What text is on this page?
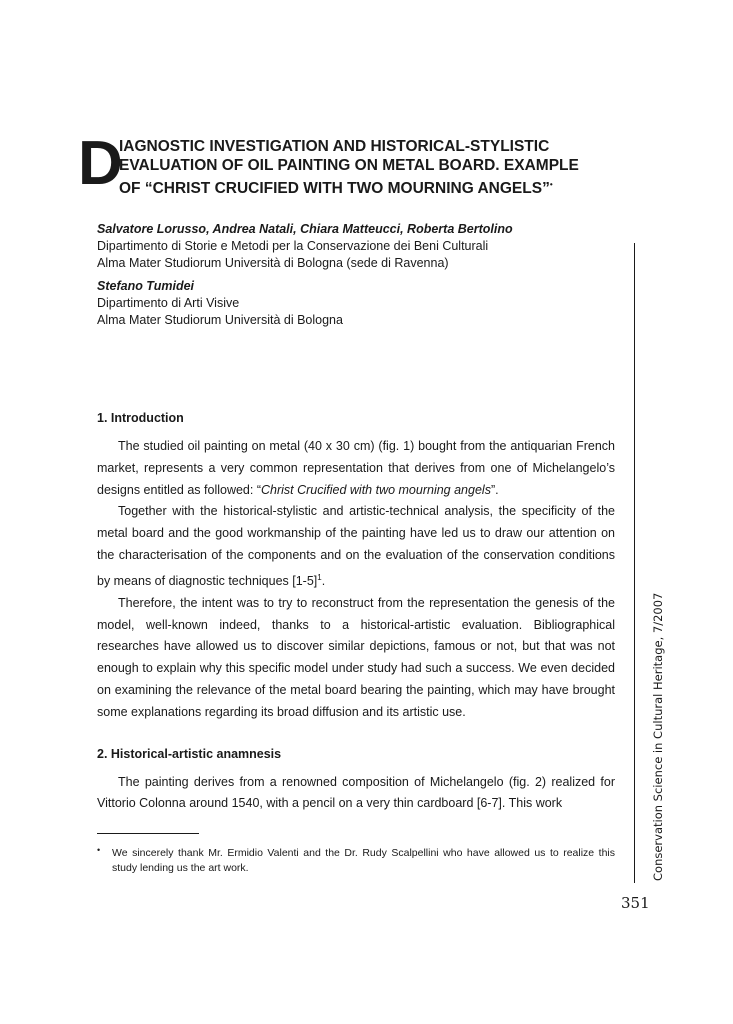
D
IAGNOSTIC INVESTIGATION AND HISTORICAL-STYLISTIC
EVALUATION OF OIL PAINTING ON METAL BOARD. EXAMPLE
OF “CHRIST CRUCIFIED WITH TWO MOURNING ANGELS”•
Salvatore Lorusso, Andrea Natali, Chiara Matteucci, Roberta Bertolino
Dipartimento di Storie e Metodi per la Conservazione dei Beni Culturali
Alma Mater Studiorum Università di Bologna (sede di Ravenna)
Stefano Tumidei
Dipartimento di Arti Visive
Alma Mater Studiorum Università di Bologna
1. Introduction

The studied oil painting on metal (40 x 30 cm) (fig. 1) bought from the antiquarian French market, represents a very common representation that derives from one of Michelangelo’s designs entitled as followed: “Christ Crucified with two mourning angels”.

Together with the historical-stylistic and artistic-technical analysis, the specificity of the metal board and the good workmanship of the painting have led us to draw our attention on the characterisation of the components and on the evaluation of the conservation conditions by means of diagnostic techniques $[1-5]^1$.

Therefore, the intent was to try to reconstruct from the representation the genesis of the model, well-known indeed, thanks to a historical-artistic evaluation. Bibliographical researches have allowed us to discover similar depictions, famous or not, but that was not enough to explain why this specific model under study had such a success. We even decided on examining the relevance of the metal board bearing the painting, which may have brought some explanations regarding its broad diffusion and its artistic use.

2. Historical-artistic anamnesis

The painting derives from a renowned composition of Michelangelo (fig. 2) realized for Vittorio Colonna around 1540, with a pencil on a very thin cardboard [6-7]. This work

•	We sincerely thank Mr. Ermidio Valenti and the Dr. Rudy Scalpellini who have allowed us to realize this study lending us the art work.	Conservation Science in Cultural Heritage, 7/2007
351
